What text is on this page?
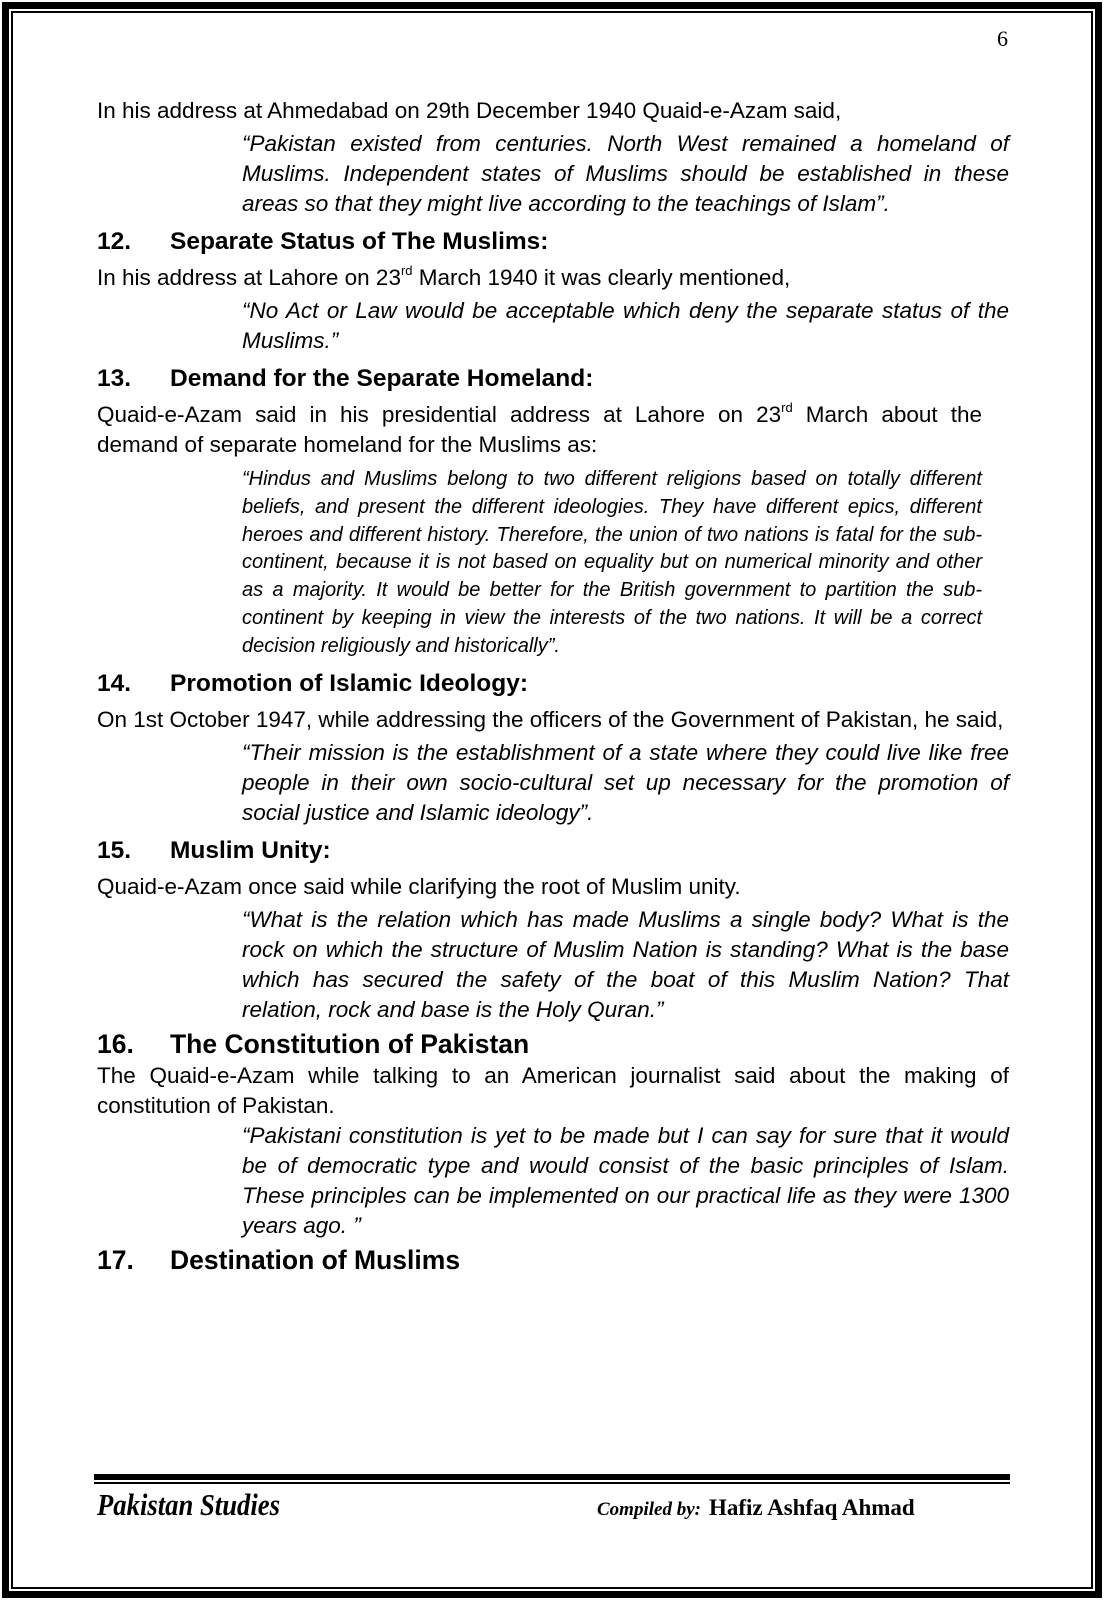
6

In his address at Ahmedabad on 29th December 1940 Quaid-e-Azam said,

“Pakistan existed from centuries. North West remained a homeland of Muslims. Independent states of Muslims should be established in these areas so that they might live according to the teachings of Islam”.

12.	Separate Status of The Muslims:

In his address at Lahore on 23rd March 1940 it was clearly mentioned,

“No Act or Law would be acceptable which deny the separate status of the Muslims.”

13.	Demand for the Separate Homeland:

Quaid-e-Azam said in his presidential address at Lahore on 23rd March about the demand of separate homeland for the Muslims as:

“Hindus and Muslims belong to two different religions based on totally different beliefs, and present the different ideologies. They have different epics, different heroes and different history. Therefore, the union of two nations is fatal for the sub-continent, because it is not based on equality but on numerical minority and other as a majority. It would be better for the British government to partition the sub-continent by keeping in view the interests of the two nations. It will be a correct decision religiously and historically”.

14.	Promotion of Islamic Ideology:

On 1st October 1947, while addressing the officers of the Government of Pakistan, he said,

“Their mission is the establishment of a state where they could live like free people in their own socio-cultural set up necessary for the promotion of social justice and Islamic ideology”.

15.	Muslim Unity:

Quaid-e-Azam once said while clarifying the root of Muslim unity.

“What is the relation which has made Muslims a single body? What is the rock on which the structure of Muslim Nation is standing? What is the base which has secured the safety of the boat of this Muslim Nation? That relation, rock and base is the Holy Quran.”

16.	The Constitution of Pakistan

The Quaid-e-Azam while talking to an American journalist said about the making of constitution of Pakistan.

“Pakistani constitution is yet to be made but I can say for sure that it would be of democratic type and would consist of the basic principles of Islam. These principles can be implemented on our practical life as they were 1300 years ago. ”

17.	Destination of Muslims
Pakistan Studies	Compiled by: Hafiz Ashfaq Ahmad
